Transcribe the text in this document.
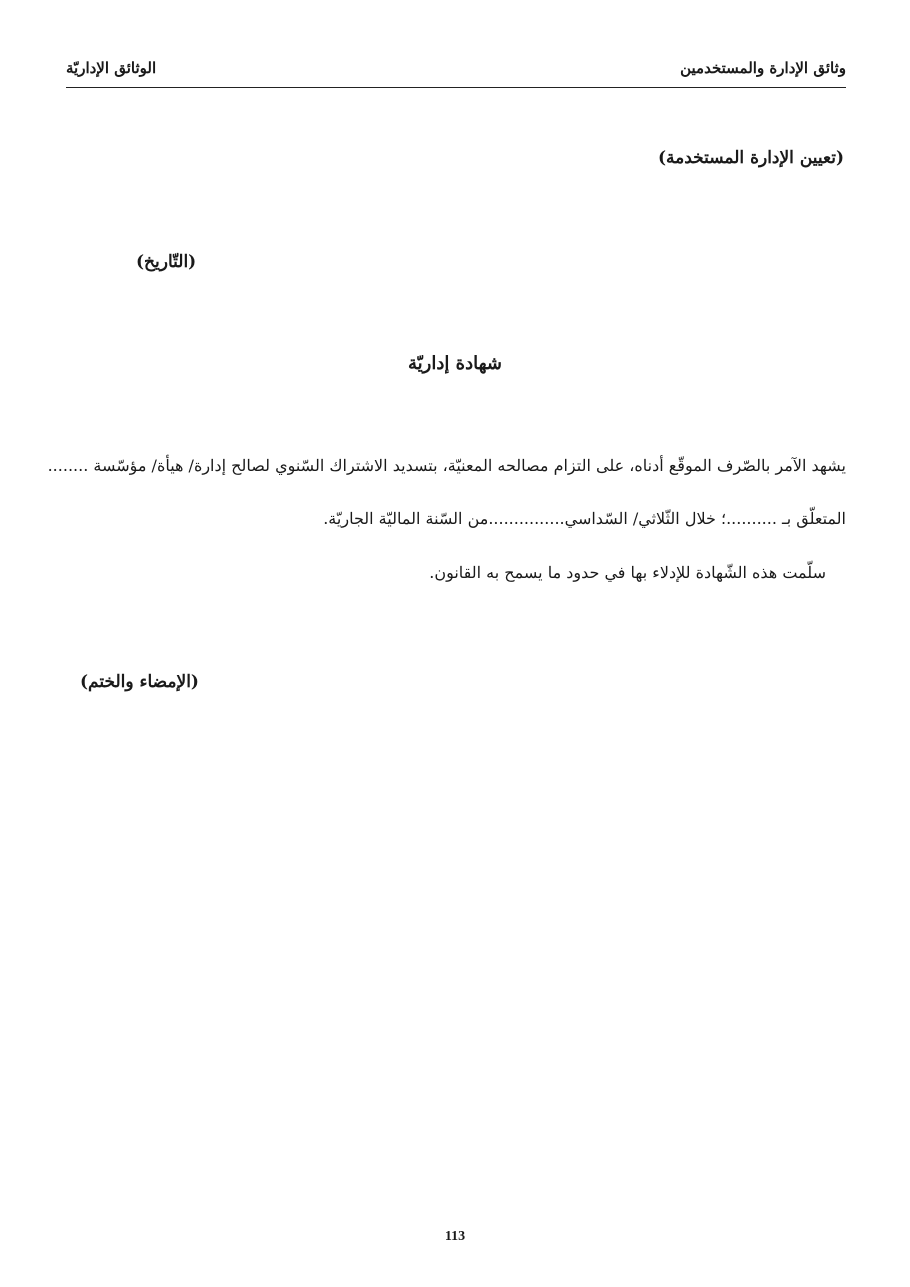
وثائق الإدارة والمستخدمين
الوثائق الإداريّة
(تعيين الإدارة المستخدمة)
(التّاريخ)
شهادة إداريّة
يشهد الآمر بالصّرف الموقّع أدناه، على التزام مصالحه المعنيّة، بتسديد الاشتراك السّنوي لصالح إدارة/ هيأة/ مؤسّسة ........
المتعلّق بـ ..........؛ خلال الثّلاثي/ السّداسي...............من السّنة الماليّة الجاريّة.
سلّمت هذه الشّهادة للإدلاء بها في حدود ما يسمح به القانون.
(الإمضاء والختم)
113
